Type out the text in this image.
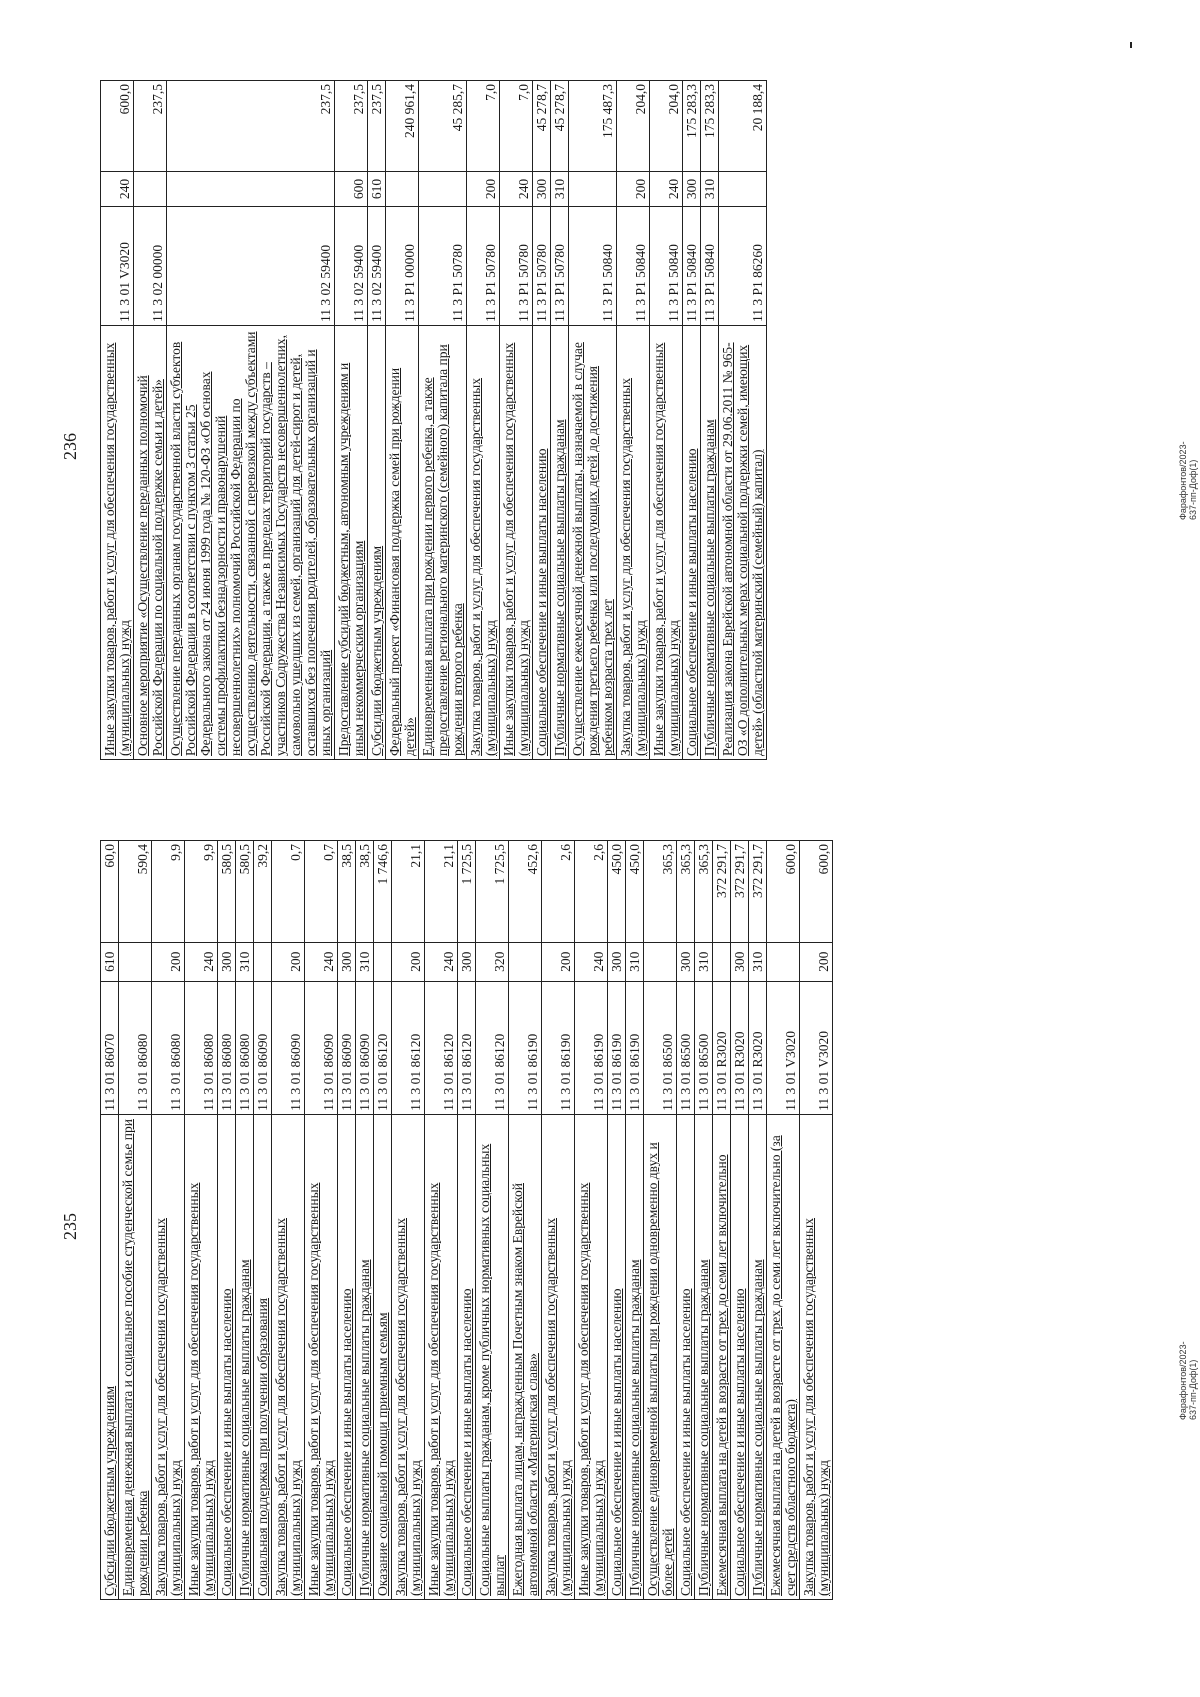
235
Субсидии бюджетным учреждениям	11 3 01 86070	610	60,0
Единовременная денежная выплата и социальное пособие студенческой семье при рождении ребенка	11 3 01 86080		590,4
Закупка товаров, работ и услуг для обеспечения государственных (муниципальных) нужд	11 3 01 86080	200	9,9
Иные закупки товаров, работ и услуг для обеспечения государственных (муниципальных) нужд	11 3 01 86080	240	9,9
Социальное обеспечение и иные выплаты населению	11 3 01 86080	300	580,5
Публичные нормативные социальные выплаты гражданам	11 3 01 86080	310	580,5
Социальная поддержка при получении образования	11 3 01 86090		39,2
Закупка товаров, работ и услуг для обеспечения государственных (муниципальных) нужд	11 3 01 86090	200	0,7
Иные закупки товаров, работ и услуг для обеспечения государственных (муниципальных) нужд	11 3 01 86090	240	0,7
Социальное обеспечение и иные выплаты населению	11 3 01 86090	300	38,5
Публичные нормативные социальные выплаты гражданам	11 3 01 86090	310	38,5
Оказание социальной помощи приемным семьям	11 3 01 86120		1 746,6
Закупка товаров, работ и услуг для обеспечения государственных (муниципальных) нужд	11 3 01 86120	200	21,1
Иные закупки товаров, работ и услуг для обеспечения государственных (муниципальных) нужд	11 3 01 86120	240	21,1
Социальное обеспечение и иные выплаты населению	11 3 01 86120	300	1 725,5
Социальные выплаты гражданам, кроме публичных нормативных социальных выплат	11 3 01 86120	320	1 725,5
Ежегодная выплата лицам, награжденным Почетным знаком Еврейской автономной области «Материнская слава»	11 3 01 86190		452,6
Закупка товаров, работ и услуг для обеспечения государственных (муниципальных) нужд	11 3 01 86190	200	2,6
Иные закупки товаров, работ и услуг для обеспечения государственных (муниципальных) нужд	11 3 01 86190	240	2,6
Социальное обеспечение и иные выплаты населению	11 3 01 86190	300	450,0
Публичные нормативные социальные выплаты гражданам	11 3 01 86190	310	450,0
Осуществление единовременной выплаты при рождении одновременно двух и более детей	11 3 01 86500		365,3
Социальное обеспечение и иные выплаты населению	11 3 01 86500	300	365,3
Публичные нормативные социальные выплаты гражданам	11 3 01 86500	310	365,3
Ежемесячная выплата на детей в возрасте от трех до семи лет включительно	11 3 01 R3020		372 291,7
Социальное обеспечение и иные выплаты населению	11 3 01 R3020	300	372 291,7
Публичные нормативные социальные выплаты гражданам	11 3 01 R3020	310	372 291,7
Ежемесячная выплата на детей в возрасте от трех до семи лет включительно (за счет средств областного бюджета)	11 3 01 V3020		600,0
Закупка товаров, работ и услуг для обеспечения государственных (муниципальных) нужд	11 3 01 V3020	200	600,0
236 Иные закупки товаров, работ и услуг для обеспечения государственных (муниципальных) нужд	11 3 01 V3020	240	600,0
Основное мероприятие «Осуществление переданных полномочий Российской Федерации по социальной поддержке семьи и детей»	11 3 02 00000		237,5
Осуществление переданных органам государственной власти субъектов Российской Федерации в соответствии с пунктом 3 статьи 25 Федерального закона от 24 июня 1999 года № 120-ФЗ «Об основах системы профилактики безнадзорности и правонарушений несовершеннолетних» полномочий Российской Федерации по осуществлению деятельности, связанной с перевозкой между субъектами Российской Федерации, а также в пределах территорий государств – участников Содружества Независимых Государств несовершеннолетних, самовольно ушедших из семей, организаций для детей-сирот и детей, оставшихся без попечения родителей, образовательных организаций и иных организаций	11 3 02 59400		237,5
Предоставление субсидий бюджетным, автономным учреждениям и иным некоммерческим организациям	11 3 02 59400	600	237,5
Субсидии бюджетным учреждениям	11 3 02 59400	610	237,5
Федеральный проект «Финансовая поддержка семей при рождении детей»	11 3 P1 00000		240 961,4
Единовременная выплата при рождении первого ребенка, а также предоставление регионального материнского (семейного) капитала при рождении второго ребенка	11 3 P1 50780		45 285,7
Закупка товаров, работ и услуг для обеспечения государственных (муниципальных) нужд	11 3 P1 50780	200	7,0
Иные закупки товаров, работ и услуг для обеспечения государственных (муниципальных) нужд	11 3 P1 50780	240	7,0
Социальное обеспечение и иные выплаты населению	11 3 P1 50780	300	45 278,7
Публичные нормативные социальные выплаты гражданам	11 3 P1 50780	310	45 278,7
Осуществление ежемесячной денежной выплаты, назначаемой в случае рождения третьего ребенка или последующих детей до достижения ребенком возраста трех лет	11 3 P1 50840		175 487,3
Закупка товаров, работ и услуг для обеспечения государственных (муниципальных) нужд	11 3 P1 50840	200	204,0
Иные закупки товаров, работ и услуг для обеспечения государственных (муниципальных) нужд	11 3 P1 50840	240	204,0
Социальное обеспечение и иные выплаты населению	11 3 P1 50840	300	175 283,3
Публичные нормативные социальные выплаты гражданам	11 3 P1 50840	310	175 283,3
Реализация закона Еврейской автономной области от 29.06.2011 № 965-ОЗ «О дополнительных мерах социальной поддержки семей, имеющих детей» (областной материнский (семейный) капитал)	11 3 P1 86260		20 188,4
Фарафонтов/2023-637-пп-Доф(1)
Фарафонтов/2023-637-пп-Доф(1)
